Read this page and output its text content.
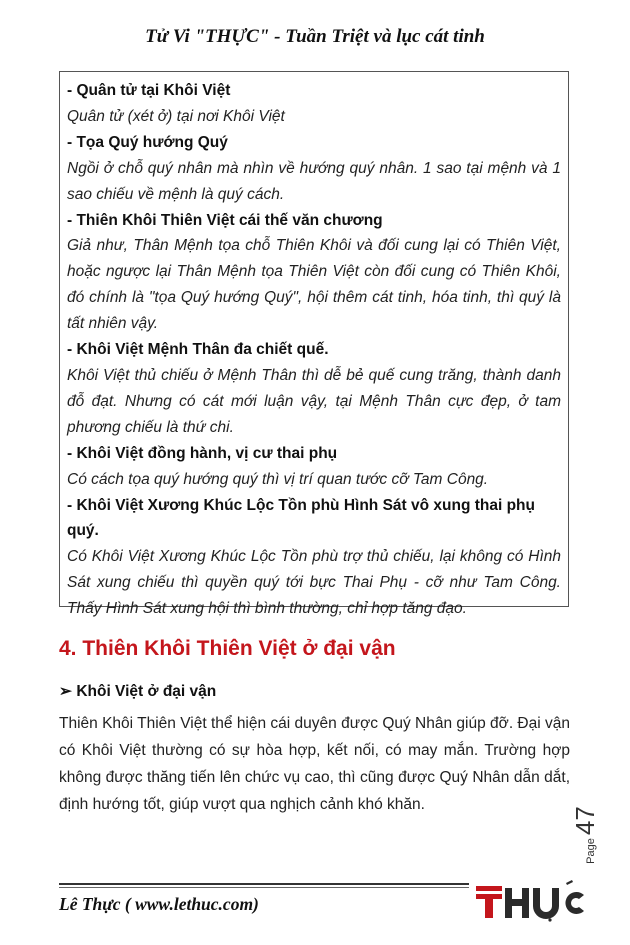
Tử Vi "THỰC" - Tuần Triệt và lục cát tinh

- Quân tử tại Khôi Việt

Quân tử (xét ở) tại nơi Khôi Việt

- Tọa Quý hướng Quý

Ngồi ở chỗ quý nhân mà nhìn về hướng quý nhân. 1 sao tại mệnh và 1 sao chiếu về mệnh là quý cách.

- Thiên Khôi Thiên Việt cái thế văn chương

Giả như, Thân Mệnh tọa chỗ Thiên Khôi và đối cung lại có Thiên Việt, hoặc ngược lại Thân Mệnh tọa Thiên Việt còn đối cung có Thiên Khôi, đó chính là "tọa Quý hướng Quý", hội thêm cát tinh, hóa tinh, thì quý là tất nhiên vậy.

- Khôi Việt Mệnh Thân đa chiết quế.

Khôi Việt thủ chiếu ở Mệnh Thân thì dễ bẻ quế cung trăng, thành danh đỗ đạt. Nhưng có cát mới luận vậy, tại Mệnh Thân cực đẹp, ở tam phương chiếu là thứ chi.

- Khôi Việt đồng hành, vị cư thai phụ

Có cách tọa quý hướng quý thì vị trí quan tước cỡ Tam Công.

- Khôi Việt Xương Khúc Lộc Tồn phù Hình Sát vô xung thai phụ quý.

Có Khôi Việt Xương Khúc Lộc Tồn phù trợ thủ chiếu, lại không có Hình Sát xung chiếu thì quyền quý tới bực Thai Phụ - cỡ như Tam Công. Thấy Hình Sát xung hội thì bình thường, chỉ hợp tăng đạo.

4. Thiên Khôi Thiên Việt ở đại vận

➢ Khôi Việt ở đại vận

Thiên Khôi Thiên Việt thể hiện cái duyên được Quý Nhân giúp đỡ. Đại vận có Khôi Việt thường có sự hòa hợp, kết nối, có may mắn. Trường hợp không được thăng tiến lên chức vụ cao, thì cũng được Quý Nhân dẫn dắt, định hướng tốt, giúp vượt qua nghịch cảnh khó khăn.

Page
47
Lê Thực ( www.lethuc.com)
